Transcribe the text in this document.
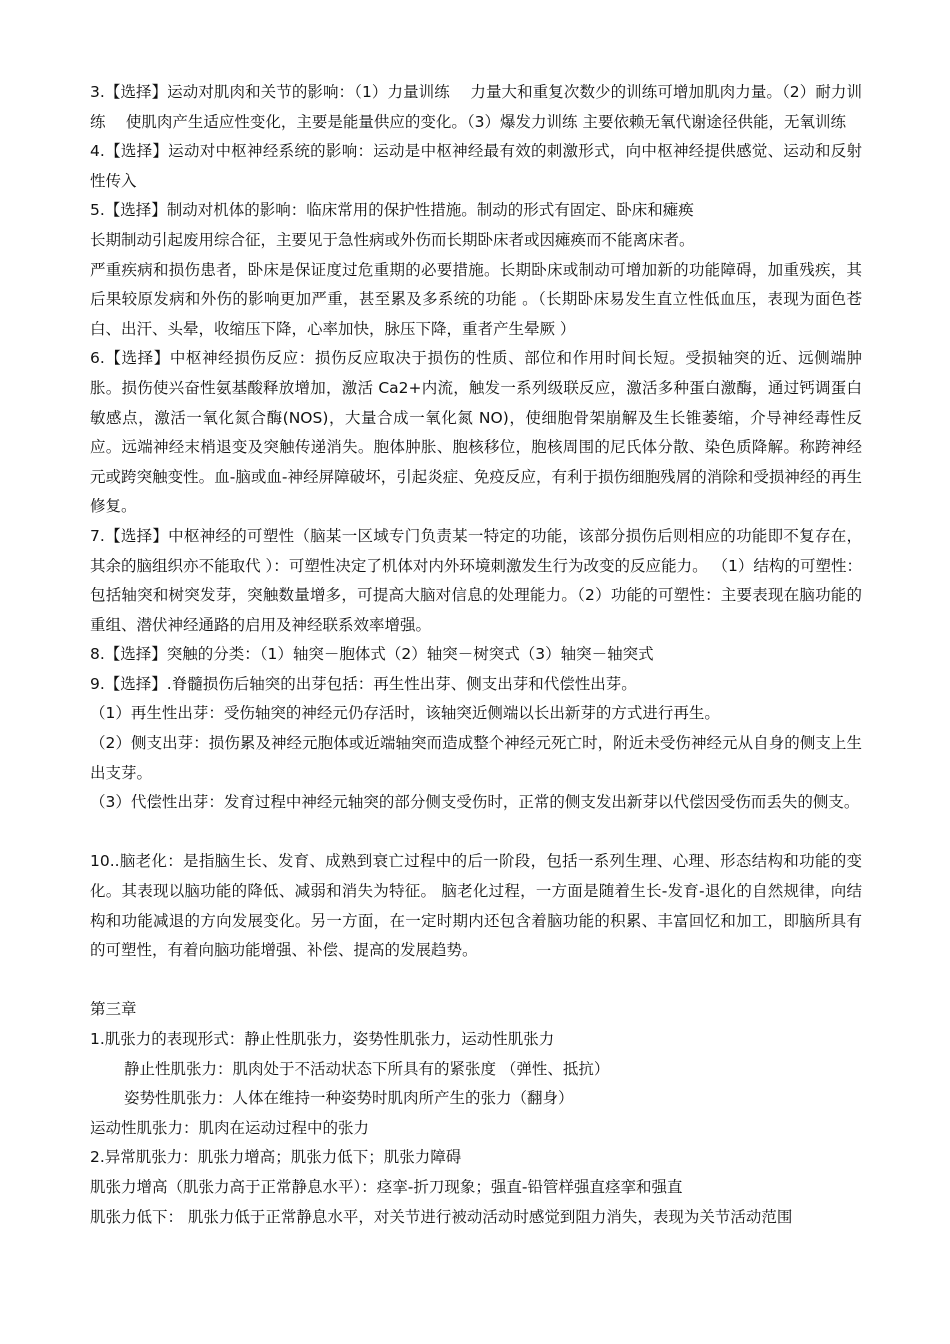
3.【选择】运动对肌肉和关节的影响：（1）力量训练　 力量大和重复次数少的训练可增加肌肉力量。（2）耐力训练　 使肌肉产生适应性变化，主要是能量供应的变化。（3）爆发力训练 主要依赖无氧代谢途径供能，无氧训练

4.【选择】运动对中枢神经系统的影响：运动是中枢神经最有效的刺激形式，向中枢神经提供感觉、运动和反射性传入

5.【选择】制动对机体的影响：临床常用的保护性措施。制动的形式有固定、卧床和瘫痪

长期制动引起废用综合征，主要见于急性病或外伤而长期卧床者或因瘫痪而不能离床者。

严重疾病和损伤患者，卧床是保证度过危重期的必要措施。长期卧床或制动可增加新的功能障碍，加重残疾，其后果较原发病和外伤的影响更加严重，甚至累及多系统的功能 。（长期卧床易发生直立性低血压，表现为面色苍白、出汗、头晕，收缩压下降，心率加快，脉压下降，重者产生晕厥 ）

6.【选择】中枢神经损伤反应：损伤反应取决于损伤的性质、部位和作用时间长短。受损轴突的近、远侧端肿胀。损伤使兴奋性氨基酸释放增加，激活 Ca2+内流，触发一系列级联反应，激活多种蛋白激酶，通过钙调蛋白敏感点，激活一氧化氮合酶(NOS)，大量合成一氧化氮 NO)，使细胞骨架崩解及生长锥萎缩，介导神经毒性反应。远端神经末梢退变及突触传递消失。胞体肿胀、胞核移位，胞核周围的尼氏体分散、染色质降解。称跨神经元或跨突触变性。血-脑或血-神经屏障破坏，引起炎症、免疫反应，有利于损伤细胞残屑的消除和受损神经的再生修复。

7.【选择】中枢神经的可塑性（脑某一区域专门负责某一特定的功能，该部分损伤后则相应的功能即不复存在，其余的脑组织亦不能取代 ）：可塑性决定了机体对内外环境刺激发生行为改变的反应能力。 （1）结构的可塑性：包括轴突和树突发芽，突触数量增多，可提高大脑对信息的处理能力。（2）功能的可塑性：主要表现在脑功能的重组、潜伏神经通路的启用及神经联系效率增强。

8.【选择】突触的分类：（1）轴突－胞体式（2）轴突－树突式（3）轴突－轴突式

9.【选择】.脊髓损伤后轴突的出芽包括：再生性出芽、侧支出芽和代偿性出芽。

（1）再生性出芽：受伤轴突的神经元仍存活时，该轴突近侧端以长出新芽的方式进行再生。

（2）侧支出芽：损伤累及神经元胞体或近端轴突而造成整个神经元死亡时，附近未受伤神经元从自身的侧支上生出支芽。

（3）代偿性出芽：发育过程中神经元轴突的部分侧支受伤时，正常的侧支发出新芽以代偿因受伤而丢失的侧支。

10..脑老化：是指脑生长、发育、成熟到衰亡过程中的后一阶段，包括一系列生理、心理、形态结构和功能的变化。其表现以脑功能的降低、减弱和消失为特征。 脑老化过程，一方面是随着生长-发育-退化的自然规律，向结构和功能减退的方向发展变化。另一方面，在一定时期内还包含着脑功能的积累、丰富回忆和加工，即脑所具有的可塑性，有着向脑功能增强、补偿、提高的发展趋势。

第三章

1.肌张力的表现形式：静止性肌张力，姿势性肌张力，运动性肌张力

静止性肌张力：肌肉处于不活动状态下所具有的紧张度 （弹性、抵抗）

姿势性肌张力：人体在维持一种姿势时肌肉所产生的张力（翻身）

运动性肌张力：肌肉在运动过程中的张力

2.异常肌张力：肌张力增高；肌张力低下；肌张力障碍

肌张力增高（肌张力高于正常静息水平）：痉挛-折刀现象；强直-铅管样强直痉挛和强直

肌张力低下： 肌张力低于正常静息水平，对关节进行被动活动时感觉到阻力消失，表现为关节活动范围
